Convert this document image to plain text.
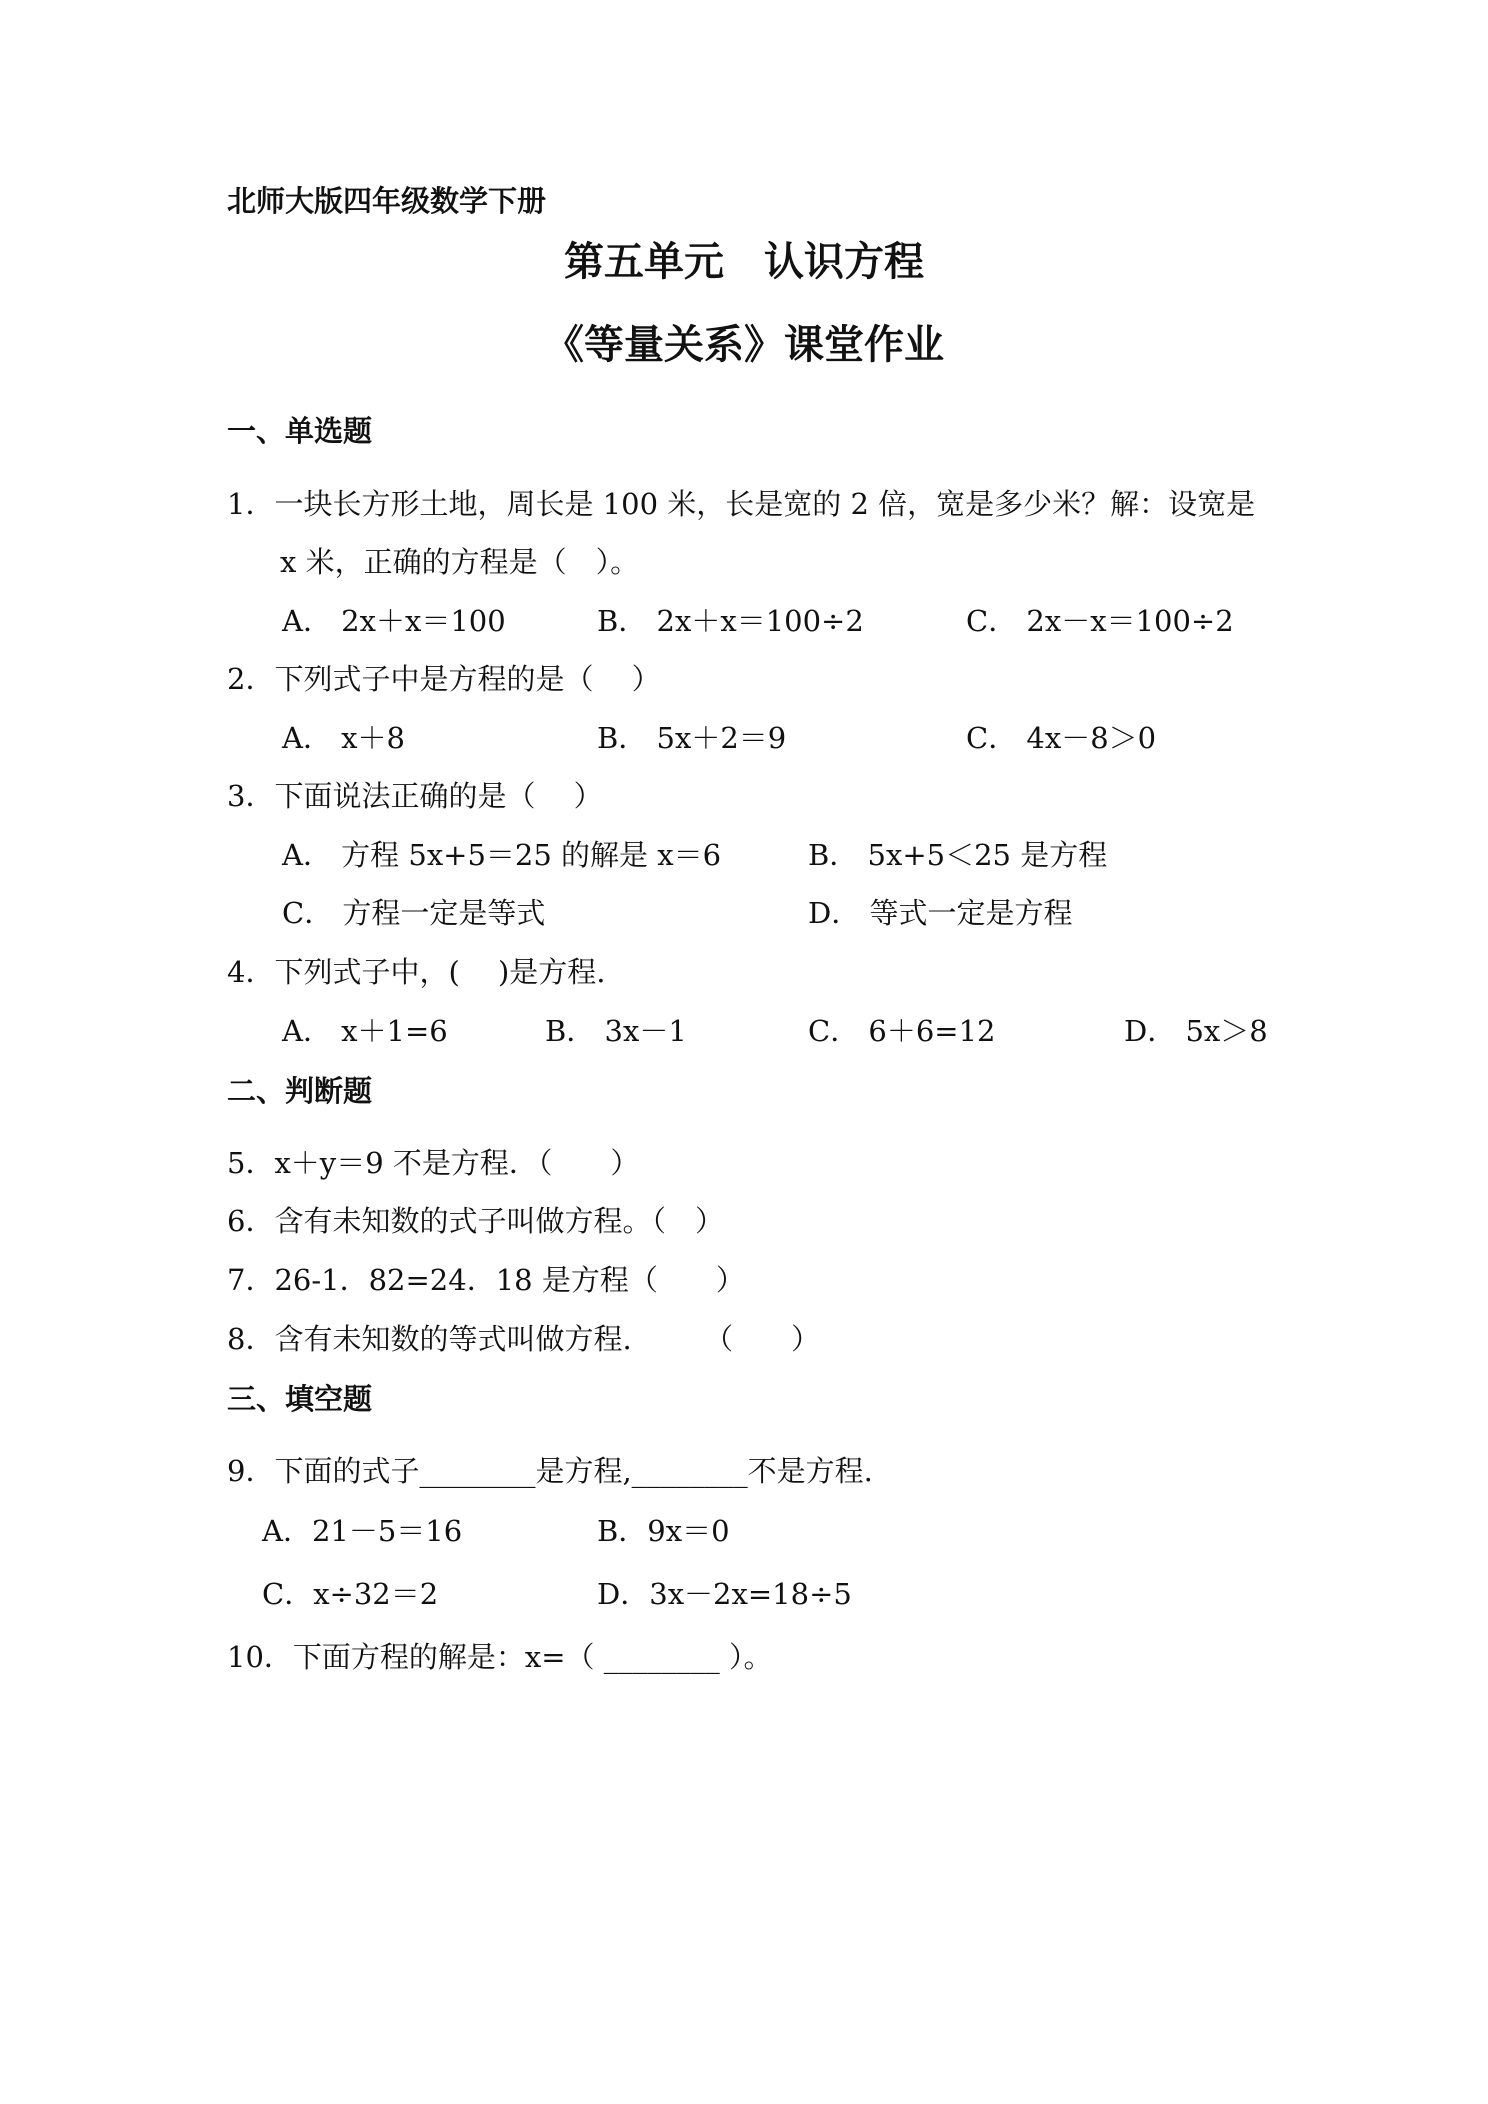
北师大版四年级数学下册
第五单元　认识方程
《等量关系》课堂作业
一、单选题
1．一块长方形土地，周长是 100 米，长是宽的 2 倍，宽是多少米？解：设宽是
x 米，正确的方程是（　）。
A． 2x＋x＝100	B． 2x＋x＝100÷2	C． 2x－x＝100÷2
2．下列式子中是方程的是（　 ）
A． x＋8	B． 5x＋2＝9	C． 4x－8＞0
3．下面说法正确的是（　 ）
A． 方程 5x+5＝25 的解是 x＝6	B． 5x+5＜25 是方程
C． 方程一定是等式	D． 等式一定是方程
4．下列式子中，(　 )是方程.
A． x＋1=6	B． 3x－1	C． 6＋6=12	D． 5x＞8
二、判断题
5．x＋y＝9 不是方程．（　　）
6．含有未知数的式子叫做方程。（　）
7．26-1．82=24．18 是方程（　　）
8．含有未知数的等式叫做方程.　　　（　　）
三、填空题
9．下面的式子________是方程,________不是方程.
A．21－5＝16	B．9x＝0
C．x÷32＝2	D．3x－2x=18÷5
10．下面方程的解是：x=（ ________ ）。
